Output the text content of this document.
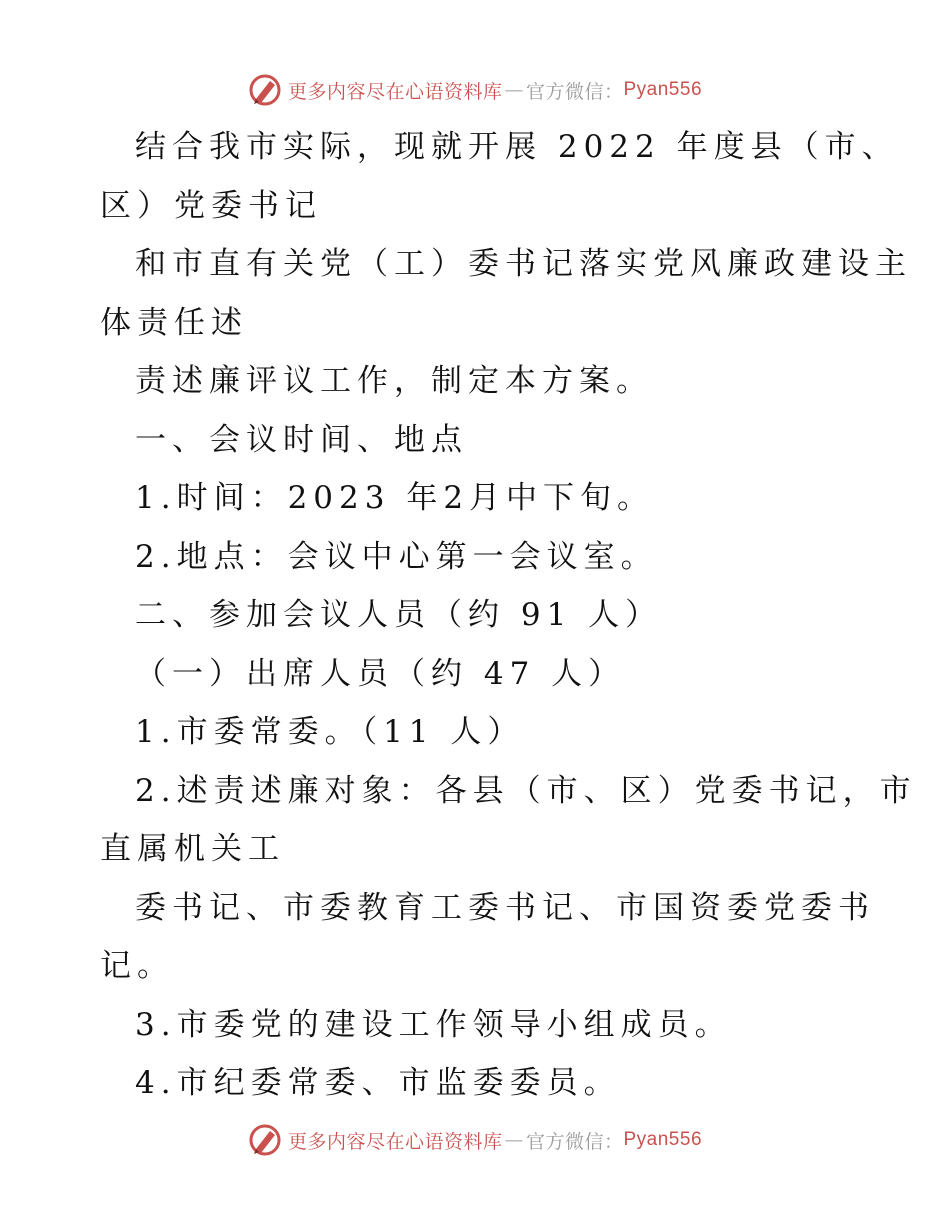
更多内容尽在心语资料库 — 官方微信： Pyan556
结合我市实际，现就开展 2022 年度县（市、
区）党委书记
和市直有关党（工）委书记落实党风廉政建设主
体责任述
责述廉评议工作，制定本方案。
一、会议时间、地点
1.时间：2023 年2月中下旬。
2.地点：会议中心第一会议室。
二、参加会议人员（约 91 人）
（一）出席人员（约 47 人）
1.市委常委。（11 人）
2.述责述廉对象：各县（市、区）党委书记，市
直属机关工
委书记、市委教育工委书记、市国资委党委书
记。
3.市委党的建设工作领导小组成员。
4.市纪委常委、市监委委员。
更多内容尽在心语资料库 — 官方微信： Pyan556
